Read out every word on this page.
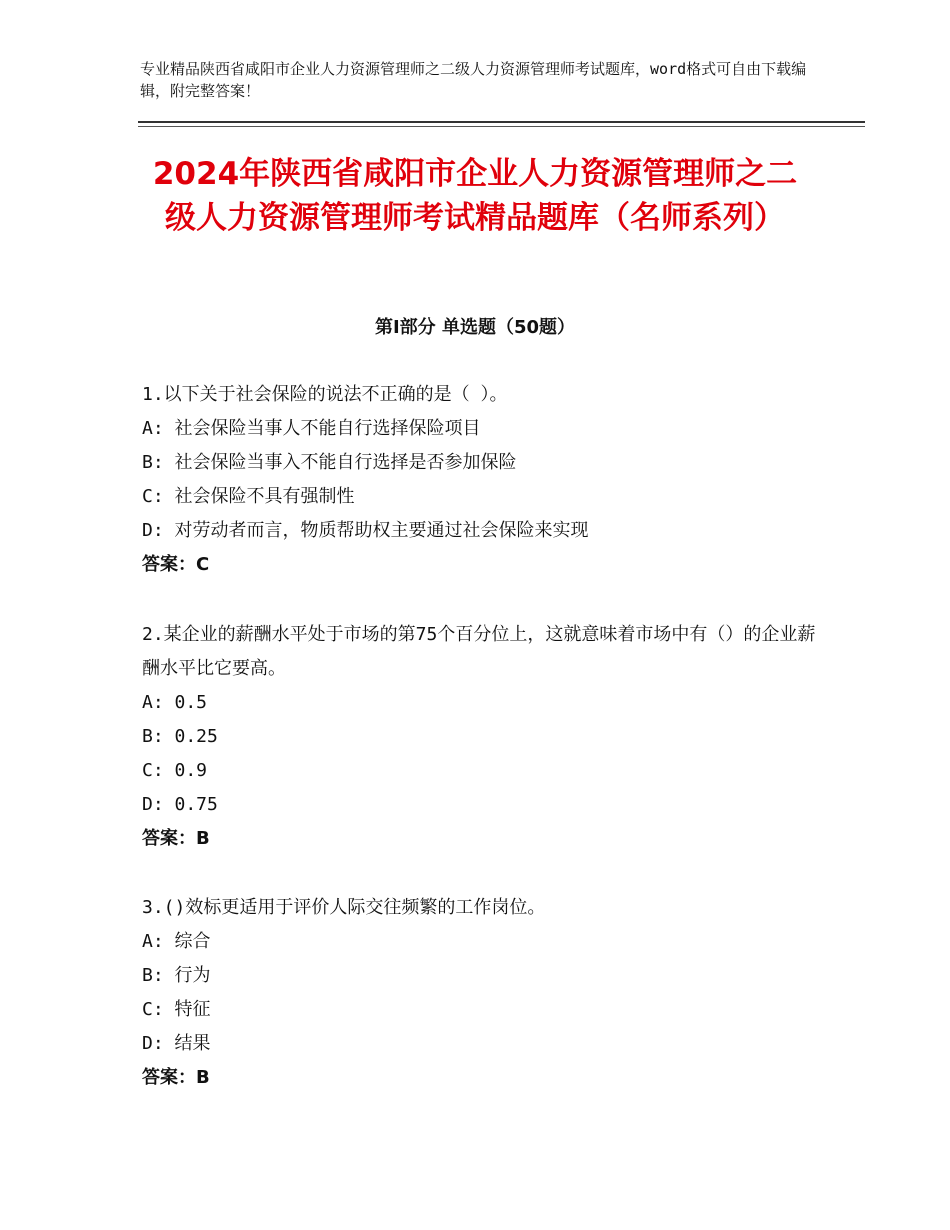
专业精品陕西省咸阳市企业人力资源管理师之二级人力资源管理师考试题库，word格式可自由下载编辑，附完整答案！
2024年陕西省咸阳市企业人力资源管理师之二级人力资源管理师考试精品题库（名师系列）
第Ⅰ部分 单选题（50题）
1.以下关于社会保险的说法不正确的是（ ）。
A: 社会保险当事人不能自行选择保险项目
B: 社会保险当事入不能自行选择是否参加保险
C: 社会保险不具有强制性
D: 对劳动者而言，物质帮助权主要通过社会保险来实现
答案：C
2.某企业的薪酬水平处于市场的第75个百分位上，这就意味着市场中有（）的企业薪酬水平比它要高。
A: 0.5
B: 0.25
C: 0.9
D: 0.75
答案：B
3.()效标更适用于评价人际交往频繁的工作岗位。
A: 综合
B: 行为
C: 特征
D: 结果
答案：B
